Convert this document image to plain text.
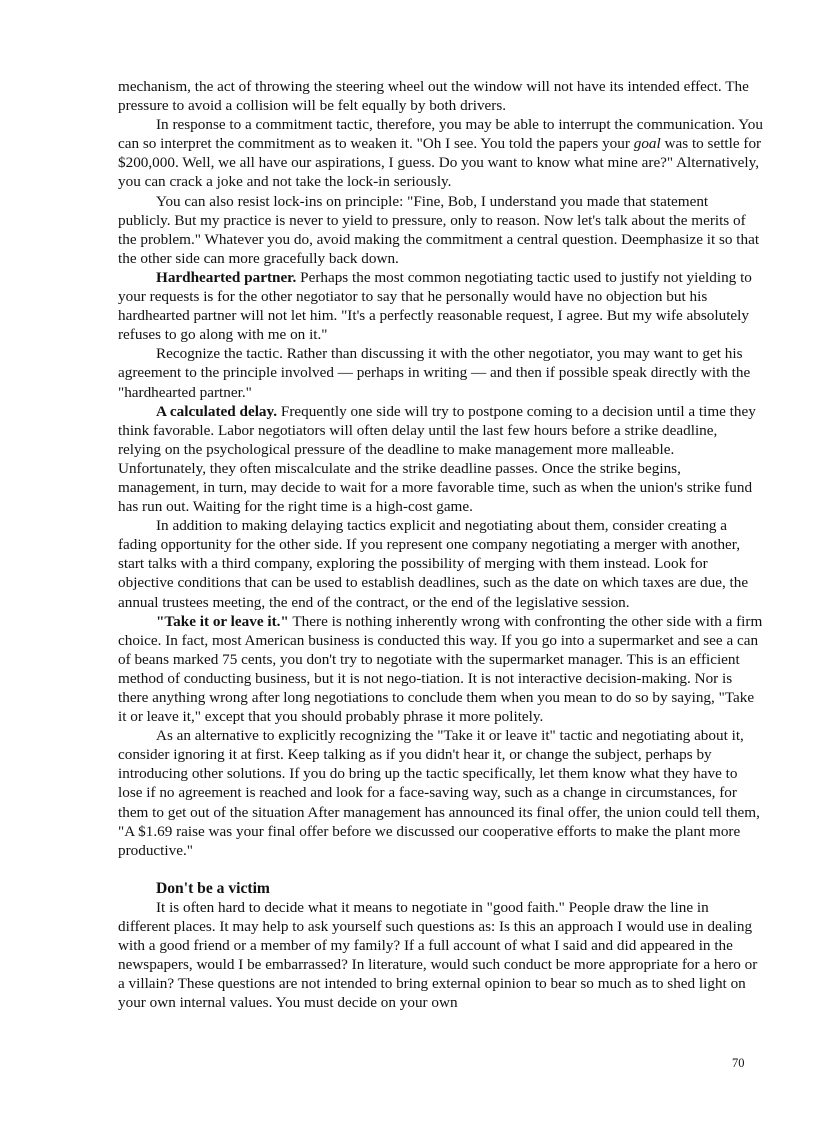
mechanism, the act of throwing the steering wheel out the window will not have its intended effect. The pressure to avoid a collision will be felt equally by both drivers.

In response to a commitment tactic, therefore, you may be able to interrupt the communication. You can so interpret the commitment as to weaken it. "Oh I see. You told the papers your goal was to settle for $200,000. Well, we all have our aspirations, I guess. Do you want to know what mine are?" Alternatively, you can crack a joke and not take the lock-in seriously.

You can also resist lock-ins on principle: "Fine, Bob, I understand you made that statement publicly. But my practice is never to yield to pressure, only to reason. Now let's talk about the merits of the problem." Whatever you do, avoid making the commitment a central question. Deemphasize it so that the other side can more gracefully back down.

Hardhearted partner. Perhaps the most common negotiating tactic used to justify not yielding to your requests is for the other negotiator to say that he personally would have no objection but his hardhearted partner will not let him. "It's a perfectly reasonable request, I agree. But my wife absolutely refuses to go along with me on it."

Recognize the tactic. Rather than discussing it with the other negotiator, you may want to get his agreement to the principle involved — perhaps in writing — and then if possible speak directly with the "hardhearted partner."

A calculated delay. Frequently one side will try to postpone coming to a decision until a time they think favorable. Labor negotiators will often delay until the last few hours before a strike deadline, relying on the psychological pressure of the deadline to make management more malleable. Unfortunately, they often miscalculate and the strike deadline passes. Once the strike begins, management, in turn, may decide to wait for a more favorable time, such as when the union's strike fund has run out. Waiting for the right time is a high-cost game.

In addition to making delaying tactics explicit and negotiating about them, consider creating a fading opportunity for the other side. If you represent one company negotiating a merger with another, start talks with a third company, exploring the possibility of merging with them instead. Look for objective conditions that can be used to establish deadlines, such as the date on which taxes are due, the annual trustees meeting, the end of the contract, or the end of the legislative session.

"Take it or leave it." There is nothing inherently wrong with confronting the other side with a firm choice. In fact, most American business is conducted this way. If you go into a supermarket and see a can of beans marked 75 cents, you don't try to negotiate with the supermarket manager. This is an efficient method of conducting business, but it is not nego-tiation. It is not interactive decision-making. Nor is there anything wrong after long negotiations to conclude them when you mean to do so by saying, "Take it or leave it," except that you should probably phrase it more politely.

As an alternative to explicitly recognizing the "Take it or leave it" tactic and negotiating about it, consider ignoring it at first. Keep talking as if you didn't hear it, or change the subject, perhaps by introducing other solutions. If you do bring up the tactic specifically, let them know what they have to lose if no agreement is reached and look for a face-saving way, such as a change in circumstances, for them to get out of the situation After management has announced its final offer, the union could tell them, "A $1.69 raise was your final offer before we discussed our cooperative efforts to make the plant more productive."

Don't be a victim

It is often hard to decide what it means to negotiate in "good faith." People draw the line in different places. It may help to ask yourself such questions as: Is this an approach I would use in dealing with a good friend or a member of my family? If a full account of what I said and did appeared in the newspapers, would I be embarrassed? In literature, would such conduct be more appropriate for a hero or a villain? These questions are not intended to bring external opinion to bear so much as to shed light on your own internal values. You must decide on your own

70
